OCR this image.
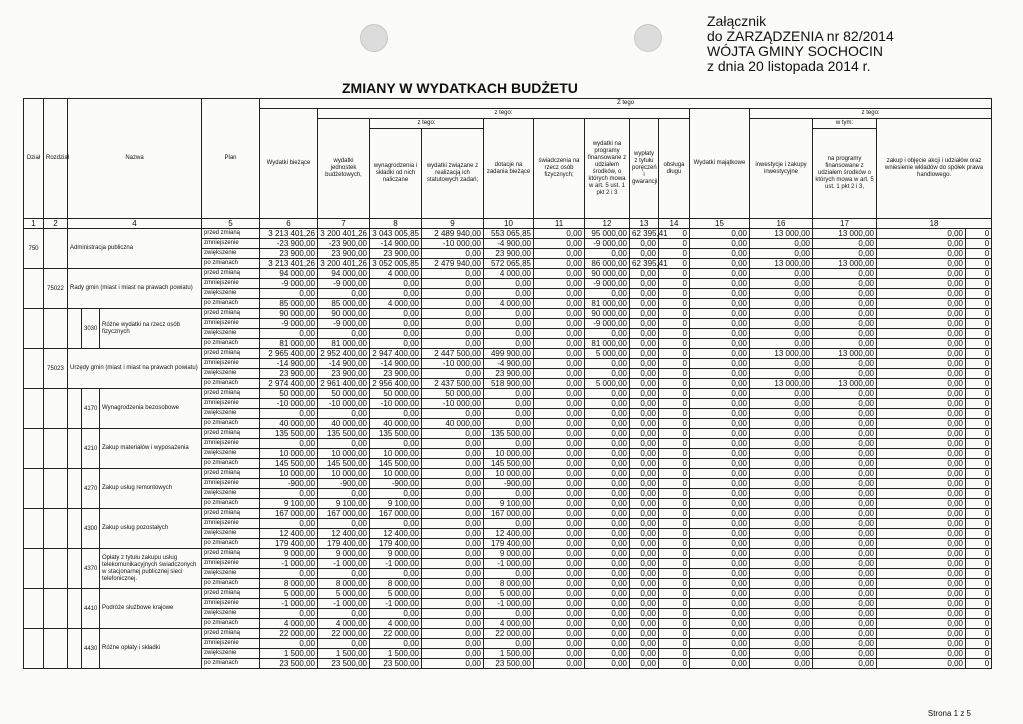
Załącznik
do ZARZĄDZENIA nr 82/2014
WÓJTA GMINY SOCHOCIN
z dnia 20 listopada 2014 r.
ZMIANY W WYDATKACH BUDŻETU
Dział	Rozdział	Nazwa			Plan	Z tego													
						Wydatki bieżące	z tego:								Wydatki majątkowe	z tego:			
							wydatki jednostek budżetowych,	z tego:		dotacje na zadania bieżące	świadczenia na rzecz osób fizycznych;	wydatki na programy finansowane z udziałem środków, o których mowa w art. 5 ust. 1 pkt 2 i 3	wypłaty z tytułu poręczeń i gwarancji	obsługa długu		inwestycje i zakupy inwestycyjne	w tym:	zakup i objęcie akcji i udziałów oraz wniesienie wkładów do spółek prawa handlowego.	
								wynagrodzenia i składki od nich naliczane	wydatki związane z realizacją ich statutowych zadań;								na programy finansowane z udziałem środków o których mowa w art. 5 ust. 1 pkt 2 i 3,		
1	2	4			5	6	7	8	9	10	11	12	13	14	15	16	17	18	
750		Administracja publiczna			przed zmianą	3 213 401,26	3 200 401,26	3 043 005,85	2 489 940,00	553 065,85	0,00	95 000,00	62 395,41	0	0,00	13 000,00	13 000,00	0,00	0
					zmniejszenie	-23 900,00	-23 900,00	-14 900,00	-10 000,00	-4 900,00	0,00	-9 000,00	0,00	0	0,00	0,00	0,00	0,00	0
					zwiększenie	23 900,00	23 900,00	23 900,00	0,00	23 900,00	0,00	0,00	0,00	0	0,00	0,00	0,00	0,00	0
					po zmianach	3 213 401,26	3 200 401,26	3 052 005,85	2 479 940,00	572 065,85	0,00	86 000,00	62 395,41	0	0,00	13 000,00	13 000,00	0,00	0
	75022	Rady gmin (miast i miast na prawach powiatu)			przed zmianą	94 000,00	94 000,00	4 000,00	0,00	4 000,00	0,00	90 000,00	0,00	0	0,00	0,00	0,00	0,00	0
					zmniejszenie	-9 000,00	-9 000,00	0,00	0,00	0,00	0,00	-9 000,00	0,00	0	0,00	0,00	0,00	0,00	0
					zwiększenie	0,00	0,00	0,00	0,00	0,00	0,00	0,00	0,00	0	0,00	0,00	0,00	0,00	0
					po zmianach	85 000,00	85 000,00	4 000,00	0,00	4 000,00	0,00	81 000,00	0,00	0	0,00	0,00	0,00	0,00	0
			3030	Różne wydatki na rzecz osób fizycznych	przed zmianą	90 000,00	90 000,00	0,00	0,00	0,00	0,00	90 000,00	0,00	0	0,00	0,00	0,00	0,00	0
					zmniejszenie	-9 000,00	-9 000,00	0,00	0,00	0,00	0,00	-9 000,00	0,00	0	0,00	0,00	0,00	0,00	0
					zwiększenie	0,00	0,00	0,00	0,00	0,00	0,00	0,00	0,00	0	0,00	0,00	0,00	0,00	0
					po zmianach	81 000,00	81 000,00	0,00	0,00	0,00	0,00	81 000,00	0,00	0	0,00	0,00	0,00	0,00	0
	75023	Urzędy gmin (miast i miast na prawach powiatu)			przed zmianą	2 965 400,00	2 952 400,00	2 947 400,00	2 447 500,00	499 900,00	0,00	5 000,00	0,00	0	0,00	13 000,00	13 000,00	0,00	0
					zmniejszenie	-14 900,00	-14 900,00	-14 900,00	-10 000,00	-4 900,00	0,00	0,00	0,00	0	0,00	0,00	0,00	0,00	0
					zwiększenie	23 900,00	23 900,00	23 900,00	0,00	23 900,00	0,00	0,00	0,00	0	0,00	0,00	0,00	0,00	0
					po zmianach	2 974 400,00	2 961 400,00	2 956 400,00	2 437 500,00	518 900,00	0,00	5 000,00	0,00	0	0,00	13 000,00	13 000,00	0,00	0
			4170	Wynagrodzenia bezosobowe	przed zmianą	50 000,00	50 000,00	50 000,00	50 000,00	0,00	0,00	0,00	0,00	0	0,00	0,00	0,00	0,00	0
					zmniejszenie	-10 000,00	-10 000,00	-10 000,00	-10 000,00	0,00	0,00	0,00	0,00	0	0,00	0,00	0,00	0,00	0
					zwiększenie	0,00	0,00	0,00	0,00	0,00	0,00	0,00	0,00	0	0,00	0,00	0,00	0,00	0
					po zmianach	40 000,00	40 000,00	40 000,00	40 000,00	0,00	0,00	0,00	0,00	0	0,00	0,00	0,00	0,00	0
			4210	Zakup materiałów i wyposażenia	przed zmianą	135 500,00	135 500,00	135 500,00	0,00	135 500,00	0,00	0,00	0,00	0	0,00	0,00	0,00	0,00	0
					zmniejszenie	0,00	0,00	0,00	0,00	0,00	0,00	0,00	0,00	0	0,00	0,00	0,00	0,00	0
					zwiększenie	10 000,00	10 000,00	10 000,00	0,00	10 000,00	0,00	0,00	0,00	0	0,00	0,00	0,00	0,00	0
					po zmianach	145 500,00	145 500,00	145 500,00	0,00	145 500,00	0,00	0,00	0,00	0	0,00	0,00	0,00	0,00	0
			4270	Zakup usług remontowych	przed zmianą	10 000,00	10 000,00	10 000,00	0,00	10 000,00	0,00	0,00	0,00	0	0,00	0,00	0,00	0,00	0
					zmniejszenie	-900,00	-900,00	-900,00	0,00	-900,00	0,00	0,00	0,00	0	0,00	0,00	0,00	0,00	0
					zwiększenie	0,00	0,00	0,00	0,00	0,00	0,00	0,00	0,00	0	0,00	0,00	0,00	0,00	0
					po zmianach	9 100,00	9 100,00	9 100,00	0,00	9 100,00	0,00	0,00	0,00	0	0,00	0,00	0,00	0,00	0
			4300	Zakup usług pozostałych	przed zmianą	167 000,00	167 000,00	167 000,00	0,00	167 000,00	0,00	0,00	0,00	0	0,00	0,00	0,00	0,00	0
					zmniejszenie	0,00	0,00	0,00	0,00	0,00	0,00	0,00	0,00	0	0,00	0,00	0,00	0,00	0
					zwiększenie	12 400,00	12 400,00	12 400,00	0,00	12 400,00	0,00	0,00	0,00	0	0,00	0,00	0,00	0,00	0
					po zmianach	179 400,00	179 400,00	179 400,00	0,00	179 400,00	0,00	0,00	0,00	0	0,00	0,00	0,00	0,00	0
			4370	Opłaty z tytułu zakupu usług telekomunikacyjnych świadczonych w stacjonarnej publicznej sieci telefonicznej.	przed zmianą	9 000,00	9 000,00	9 000,00	0,00	9 000,00	0,00	0,00	0,00	0	0,00	0,00	0,00	0,00	0
					zmniejszenie	-1 000,00	-1 000,00	-1 000,00	0,00	-1 000,00	0,00	0,00	0,00	0	0,00	0,00	0,00	0,00	0
					zwiększenie	0,00	0,00	0,00	0,00	0,00	0,00	0,00	0,00	0	0,00	0,00	0,00	0,00	0
					po zmianach	8 000,00	8 000,00	8 000,00	0,00	8 000,00	0,00	0,00	0,00	0	0,00	0,00	0,00	0,00	0
			4410	Podróże służbowe krajowe	przed zmianą	5 000,00	5 000,00	5 000,00	0,00	5 000,00	0,00	0,00	0,00	0	0,00	0,00	0,00	0,00	0
					zmniejszenie	-1 000,00	-1 000,00	-1 000,00	0,00	-1 000,00	0,00	0,00	0,00	0	0,00	0,00	0,00	0,00	0
					zwiększenie	0,00	0,00	0,00	0,00	0,00	0,00	0,00	0,00	0	0,00	0,00	0,00	0,00	0
					po zmianach	4 000,00	4 000,00	4 000,00	0,00	4 000,00	0,00	0,00	0,00	0	0,00	0,00	0,00	0,00	0
			4430	Różne opłaty i składki	przed zmianą	22 000,00	22 000,00	22 000,00	0,00	22 000,00	0,00	0,00	0,00	0	0,00	0,00	0,00	0,00	0
					zmniejszenie	0,00	0,00	0,00	0,00	0,00	0,00	0,00	0,00	0	0,00	0,00	0,00	0,00	0
					zwiększenie	1 500,00	1 500,00	1 500,00	0,00	1 500,00	0,00	0,00	0,00	0	0,00	0,00	0,00	0,00	0
					po zmianach	23 500,00	23 500,00	23 500,00	0,00	23 500,00	0,00	0,00	0,00	0	0,00	0,00	0,00	0,00	0
Strona 1 z 5
